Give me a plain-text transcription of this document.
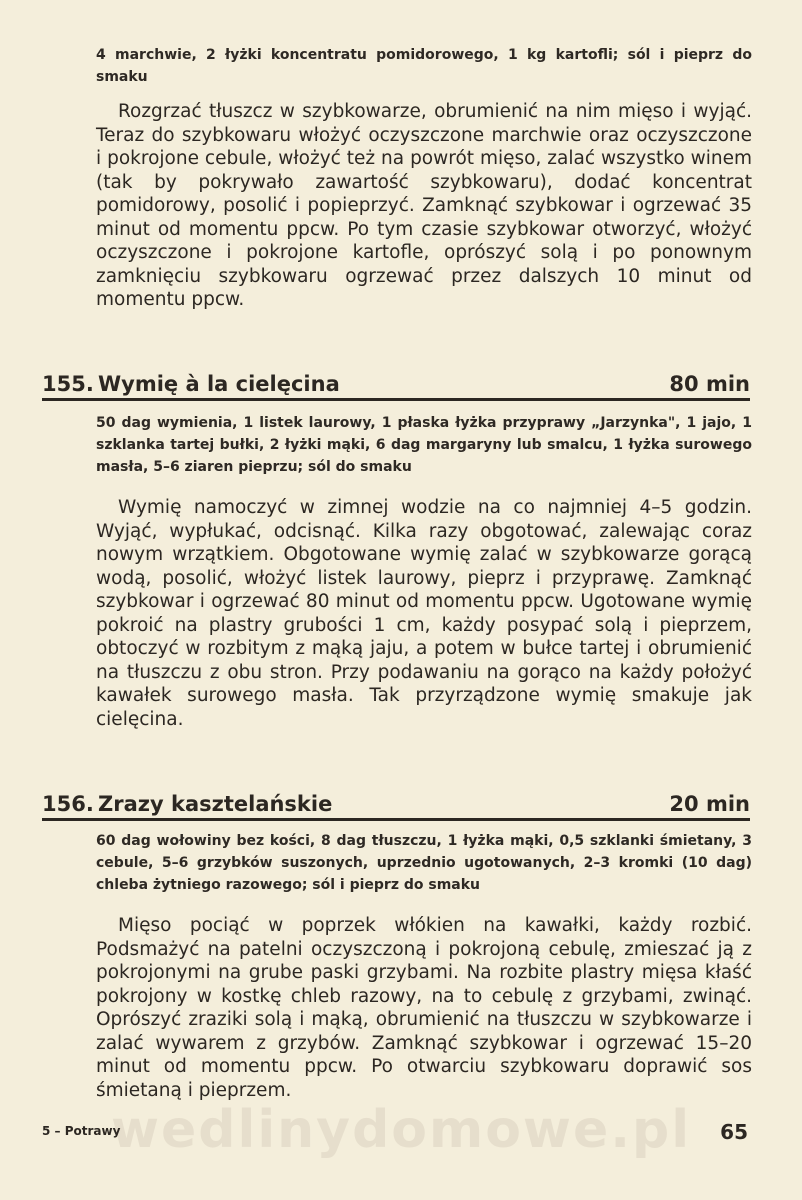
4 marchwie, 2 łyżki koncentratu pomidorowego, 1 kg kartofli; sól i pieprz do smaku

Rozgrzać tłuszcz w szybkowarze, obrumienić na nim mięso i wyjąć. Teraz do szybkowaru włożyć oczyszczone marchwie oraz oczyszczone i pokrojone cebule, włożyć też na powrót mięso, zalać wszystko winem (tak by pokrywało zawartość szybkowaru), dodać koncentrat pomidorowy, posolić i popieprzyć. Zamknąć szybkowar i ogrzewać 35 minut od momentu ppcw. Po tym czasie szybkowar otworzyć, włożyć oczyszczone i pokrojone kartofle, oprószyć solą i po ponownym zamknięciu szybkowaru ogrzewać przez dalszych 10 minut od momentu ppcw.

155. Wymię à la cielęcina	80 min

50 dag wymienia, 1 listek laurowy, 1 płaska łyżka przyprawy „Jarzynka", 1 jajo, 1 szklanka tartej bułki, 2 łyżki mąki, 6 dag margaryny lub smalcu, 1 łyżka surowego masła, 5–6 ziaren pieprzu; sól do smaku

Wymię namoczyć w zimnej wodzie na co najmniej 4–5 godzin. Wyjąć, wypłukać, odcisnąć. Kilka razy obgotować, zalewając coraz nowym wrzątkiem. Obgotowane wymię zalać w szybkowarze gorącą wodą, posolić, włożyć listek laurowy, pieprz i przyprawę. Zamknąć szybkowar i ogrzewać 80 minut od momentu ppcw. Ugotowane wymię pokroić na plastry grubości 1 cm, każdy posypać solą i pieprzem, obtoczyć w rozbitym z mąką jaju, a potem w bułce tartej i obrumienić na tłuszczu z obu stron. Przy podawaniu na gorąco na każdy położyć kawałek surowego masła. Tak przyrządzone wymię smakuje jak cielęcina.

156. Zrazy kasztelańskie	20 min

60 dag wołowiny bez kości, 8 dag tłuszczu, 1 łyżka mąki, 0,5 szklanki śmietany, 3 cebule, 5–6 grzybków suszonych, uprzednio ugotowanych, 2–3 kromki (10 dag) chleba żytniego razowego; sól i pieprz do smaku

Mięso pociąć w poprzek włókien na kawałki, każdy rozbić. Podsmażyć na patelni oczyszczoną i pokrojoną cebulę, zmieszać ją z pokrojonymi na grube paski grzybami. Na rozbite plastry mięsa kłaść pokrojony w kostkę chleb razowy, na to cebulę z grzybami, zwinąć. Oprószyć zraziki solą i mąką, obrumienić na tłuszczu w szybkowarze i zalać wywarem z grzybów. Zamknąć szybkowar i ogrzewać 15–20 minut od momentu ppcw. Po otwarciu szybkowaru doprawić sos śmietaną i pieprzem.

wedlinydomowe.pl
5 – Potrawy	65
